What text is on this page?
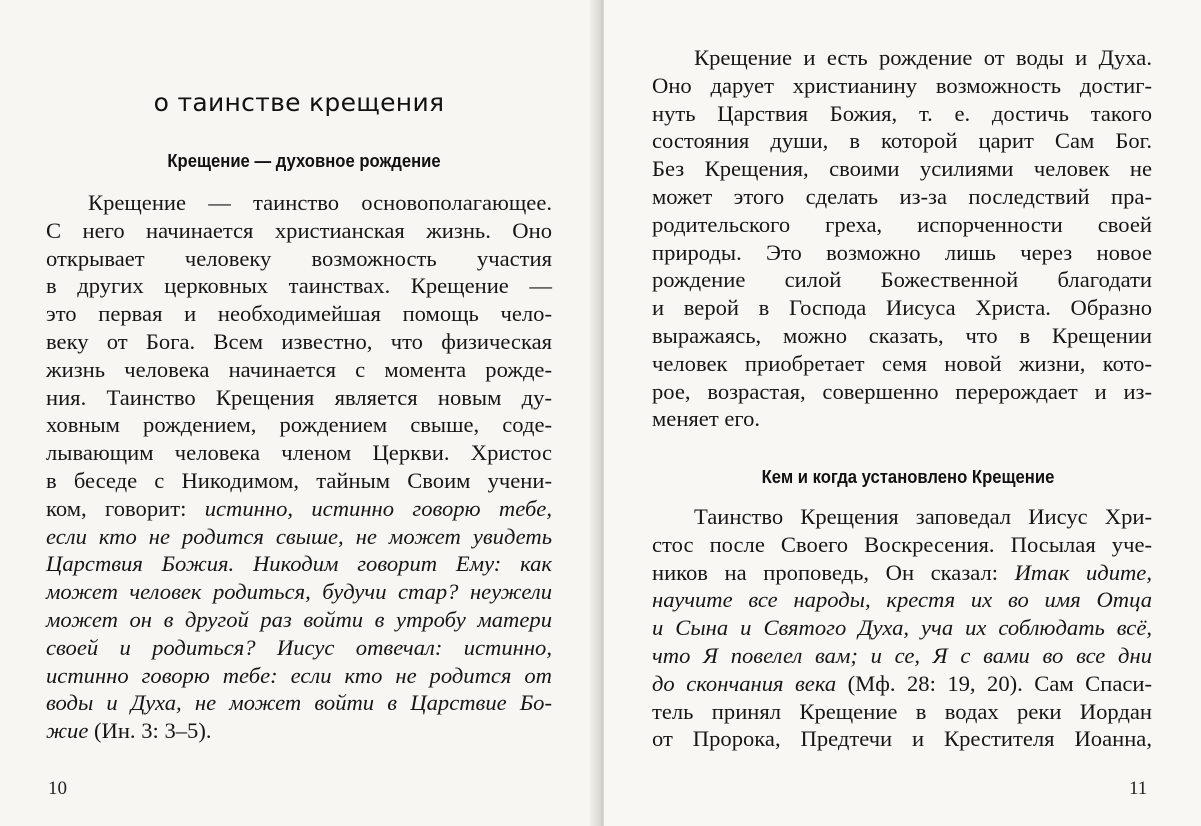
о таинстве крещения
Крещение — духовное рождение
Крещение — таинство основополагающее.
С него начинается христианская жизнь. Оно
открывает человеку возможность участия
в других церковных таинствах. Крещение —
это первая и необходимейшая помощь чело-
веку от Бога. Всем известно, что физическая
жизнь человека начинается с момента рожде-
ния. Таинство Крещения является новым ду-
ховным рождением, рождением свыше, соде-
лывающим человека членом Церкви. Христос
в беседе с Никодимом, тайным Своим учени-
ком, говорит: истинно, истинно говорю тебе,
если кто не родится свыше, не может увидеть
Царствия Божия. Никодим говорит Ему: как
может человек родиться, будучи стар? неужели
может он в другой раз войти в утробу матери
своей и родиться? Иисус отвечал: истинно,
истинно говорю тебе: если кто не родится от
воды и Духа, не может войти в Царствие Бо-
жие (Ин. 3: 3–5).
10
Крещение и есть рождение от воды и Духа.
Оно дарует христианину возможность достиг-
нуть Царствия Божия, т. е. достичь такого
состояния души, в которой царит Сам Бог.
Без Крещения, своими усилиями человек не
может этого сделать из-за последствий пра-
родительского греха, испорченности своей
природы. Это возможно лишь через новое
рождение силой Божественной благодати
и верой в Господа Иисуса Христа. Образно
выражаясь, можно сказать, что в Крещении
человек приобретает семя новой жизни, кото-
рое, возрастая, совершенно перерождает и из-
меняет его.
Кем и когда установлено Крещение
Таинство Крещения заповедал Иисус Хри-
стос после Своего Воскресения. Посылая уче-
ников на проповедь, Он сказал: Итак идите,
научите все народы, крестя их во имя Отца
и Сына и Святого Духа, уча их соблюдать всё,
что Я повелел вам; и се, Я с вами во все дни
до скончания века (Мф. 28: 19, 20). Сам Спаси-
тель принял Крещение в водах реки Иордан
от Пророка, Предтечи и Крестителя Иоанна,
11
